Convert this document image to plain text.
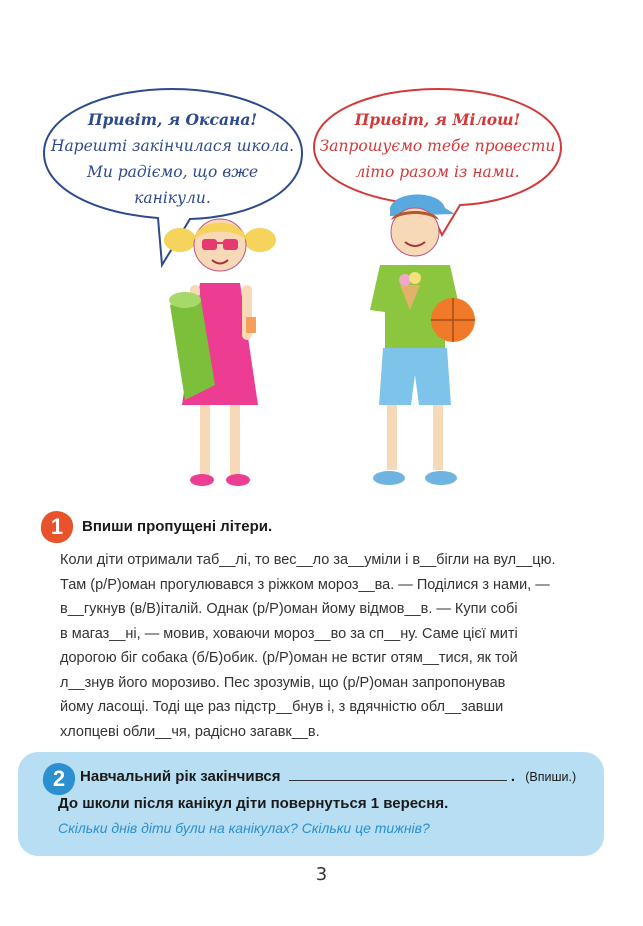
Привіт, я Оксана!
Нарешті закінчилася школа.
Ми радіємо, що вже
канікули.
Привіт, я Мілош!
Запрошуємо тебе провести
літо разом із нами.
1	Впиши пропущені літери.

Коли діти отримали таб__лі, то вес__ло за__уміли і в__бігли на вул__цю.

Там (р/Р)оман прогулювався з ріжком мороз__ва. — Поділися з нами, —

в__гукнув (в/В)італій. Однак (р/Р)оман йому відмов__в. — Купи собі

в магаз__ні, — мовив, ховаючи мороз__во за сп__ну. Саме цієї миті

дорогою біг собака (б/Б)обик. (р/Р)оман не встиг отям__тися, як той

л__знув його морозиво. Пес зрозумів, що (р/Р)оман запропонував

йому ласощі. Тоді ще раз підстр__бнув і, з вдячністю обл__завши

хлопцеві обли__чя, радісно загавк__в.

2 Навчальний рік закінчився	. (Впиши.)
До школи після канікул діти повернуться 1 вересня.
Скільки днів діти були на канікулах? Скільки це тижнів?
3
